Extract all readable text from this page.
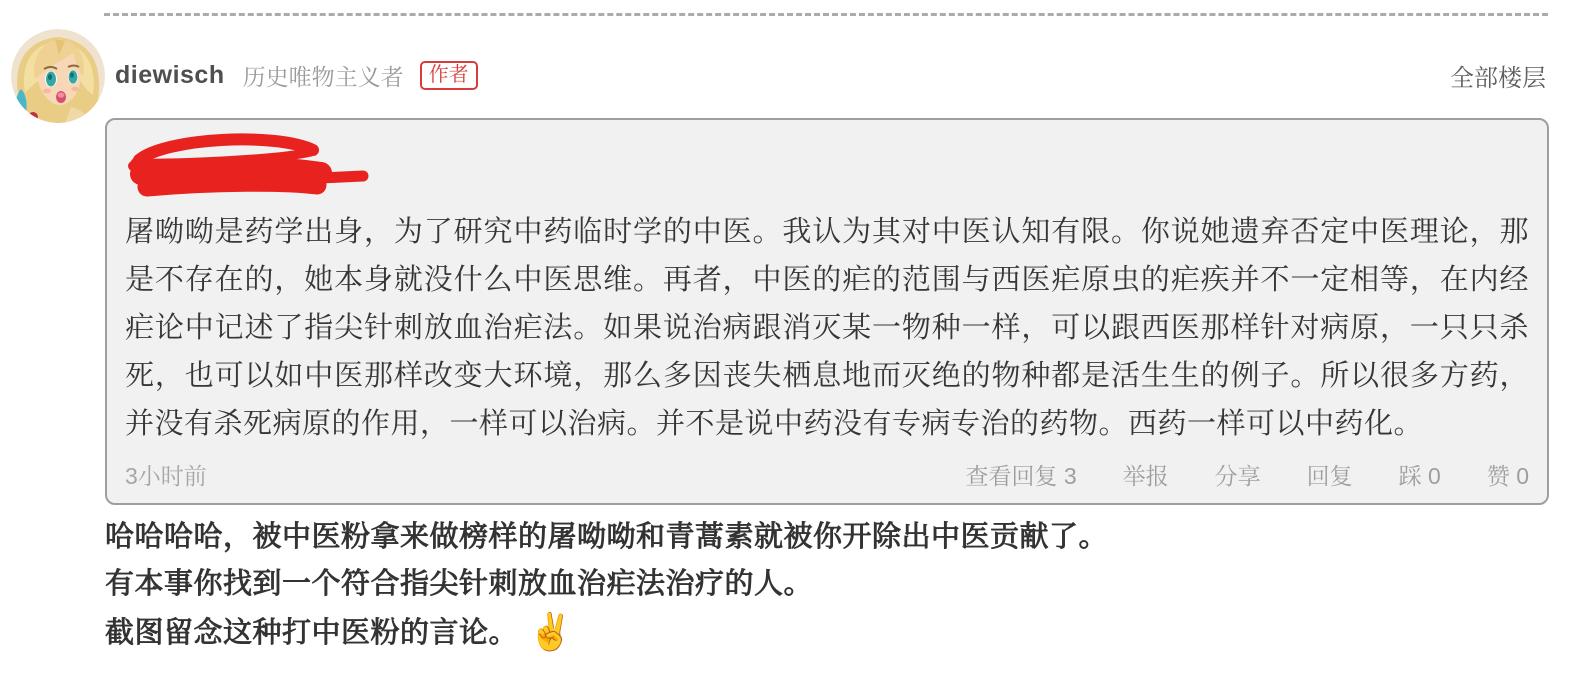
diewisch 历史唯物主义者	作者	全部楼层
屠呦呦是药学出身，为了研究中药临时学的中医。我认为其对中医认知有限。你说她遗弃否定中医理论，那是不存在的，她本身就没什么中医思维。再者，中医的疟的范围与西医疟原虫的疟疾并不一定相等，在内经疟论中记述了指尖针刺放血治疟法。如果说治病跟消灭某一物种一样，可以跟西医那样针对病原，一只只杀死，也可以如中医那样改变大环境，那么多因丧失栖息地而灭绝的物种都是活生生的例子。所以很多方药，并没有杀死病原的作用，一样可以治病。并不是说中药没有专病专治的药物。西药一样可以中药化。
3小时前	查看回复 3 举报 分享 回复 踩 0 赞 0
哈哈哈哈，被中医粉拿来做榜样的屠呦呦和青蒿素就被你开除出中医贡献了。
有本事你找到一个符合指尖针刺放血治疟法治疗的人。
截图留念这种打中医粉的言论。 ✌️
